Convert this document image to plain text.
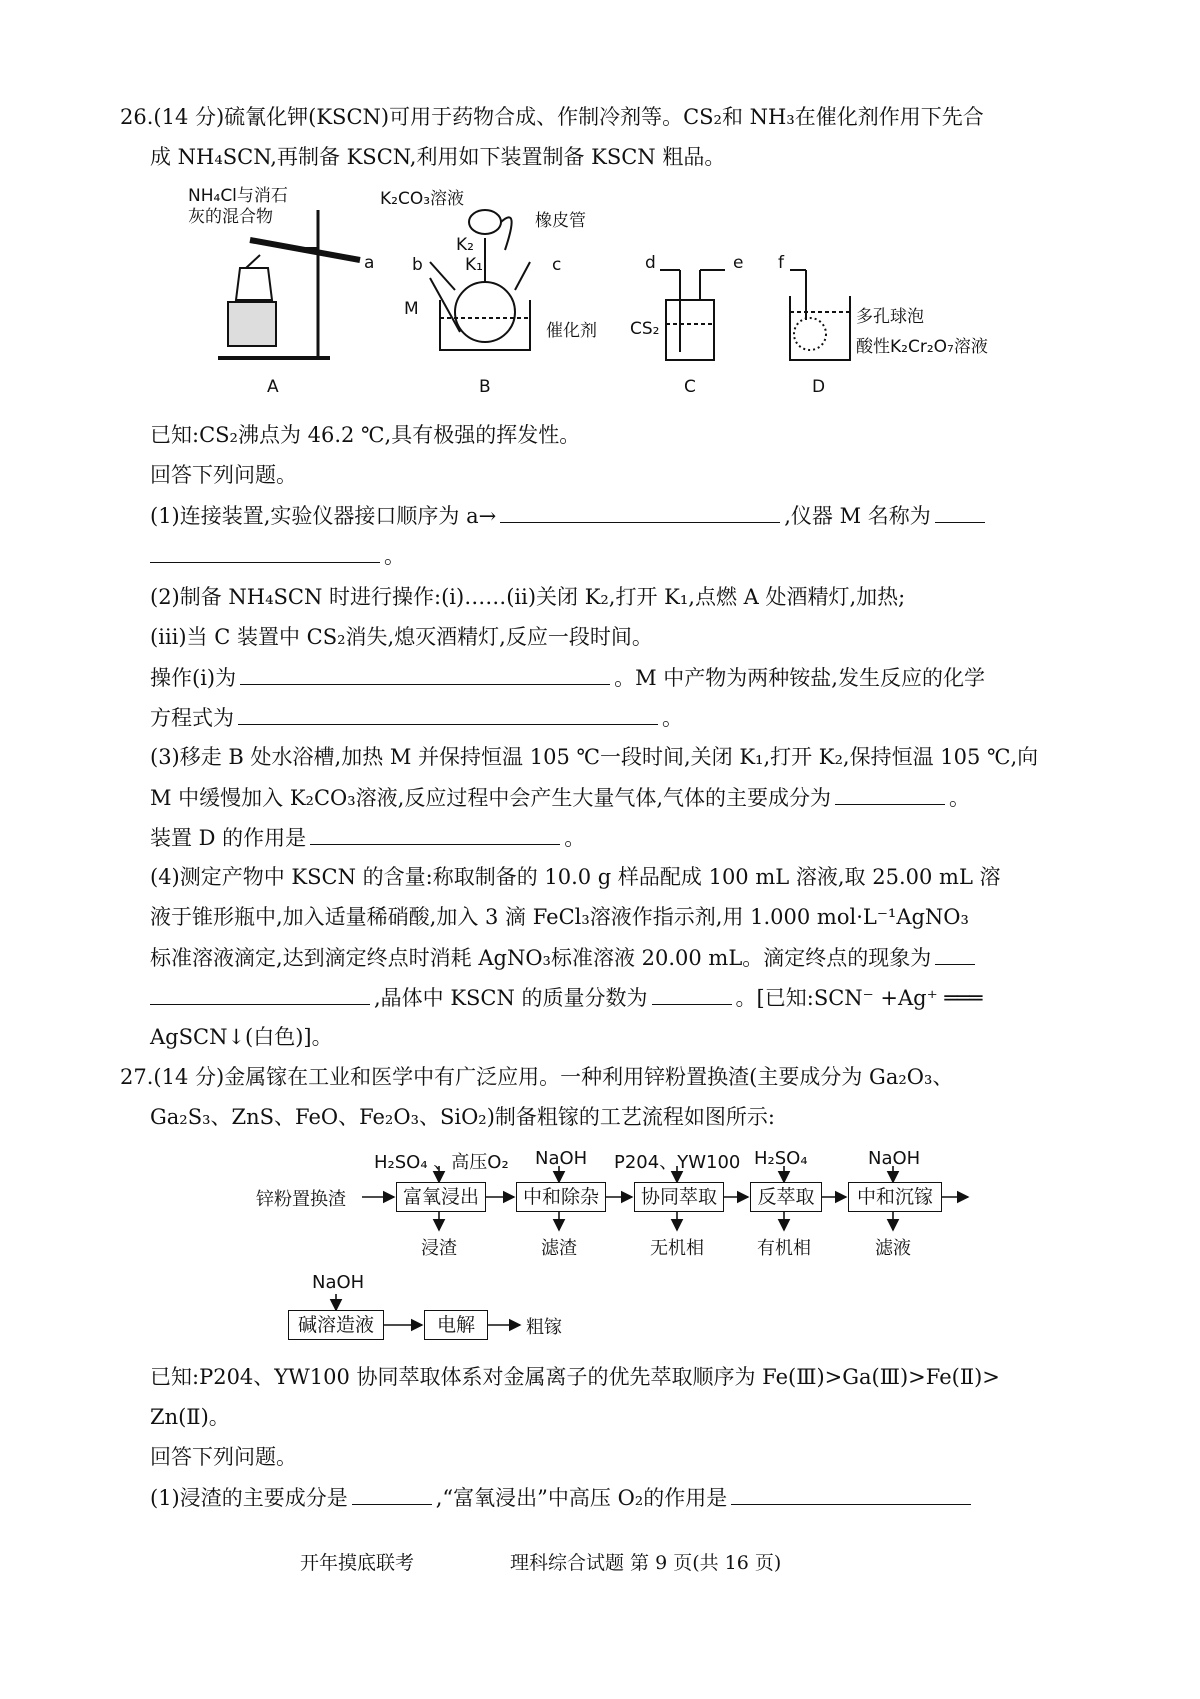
26.(14 分)硫氰化钾(KSCN)可用于药物合成、作制冷剂等。CS₂和 NH₃在催化剂作用下先合
成 NH₄SCN,再制备 KSCN,利用如下装置制备 KSCN 粗品。
NH₄Cl与消石
灰的混合物
a
A
K₂CO₃溶液
橡皮管
K₂
K₁
b	c
M
催化剂
B
d	e
CS₂
C
f
多孔球泡
酸性K₂Cr₂O₇溶液
D
已知:CS₂沸点为 46.2 ℃,具有极强的挥发性。
回答下列问题。
(1)连接装置,实验仪器接口顺序为 a→	,仪器 M 名称为
。
(2)制备 NH₄SCN 时进行操作:(ⅰ)……(ⅱ)关闭 K₂,打开 K₁,点燃 A 处酒精灯,加热;
(ⅲ)当 C 装置中 CS₂消失,熄灭酒精灯,反应一段时间。
操作(ⅰ)为	。M 中产物为两种铵盐,发生反应的化学
方程式为	。
(3)移走 B 处水浴槽,加热 M 并保持恒温 105 ℃一段时间,关闭 K₁,打开 K₂,保持恒温 105 ℃,向
M 中缓慢加入 K₂CO₃溶液,反应过程中会产生大量气体,气体的主要成分为	。
装置 D 的作用是	。
(4)测定产物中 KSCN 的含量:称取制备的 10.0 g 样品配成 100 mL 溶液,取 25.00 mL 溶
液于锥形瓶中,加入适量稀硝酸,加入 3 滴 FeCl₃溶液作指示剂,用 1.000 mol·L⁻¹AgNO₃
标准溶液滴定,达到滴定终点时消耗 AgNO₃标准溶液 20.00 mL。滴定终点的现象为
,晶体中 KSCN 的质量分数为	。[已知:SCN⁻ +Ag⁺ ═══
AgSCN↓(白色)]。
27.(14 分)金属镓在工业和医学中有广泛应用。一种利用锌粉置换渣(主要成分为 Ga₂O₃、
Ga₂S₃、ZnS、FeO、Fe₂O₃、SiO₂)制备粗镓的工艺流程如图所示:
锌粉置换渣
H₂SO₄ 、高压O₂ NaOH P204、YW100 H₂SO₄	NaOH
富氧浸出	中和除杂	协同萃取	反萃取	中和沉镓
浸渣	滤渣	无机相	有机相	滤液
NaOH
碱溶造液	电解	粗镓
已知:P204、YW100 协同萃取体系对金属离子的优先萃取顺序为 Fe(Ⅲ)>Ga(Ⅲ)>Fe(Ⅱ)>
Zn(Ⅱ)。
回答下列问题。
(1)浸渣的主要成分是	,“富氧浸出”中高压 O₂的作用是
开年摸底联考	理科综合试题 第 9 页(共 16 页)
